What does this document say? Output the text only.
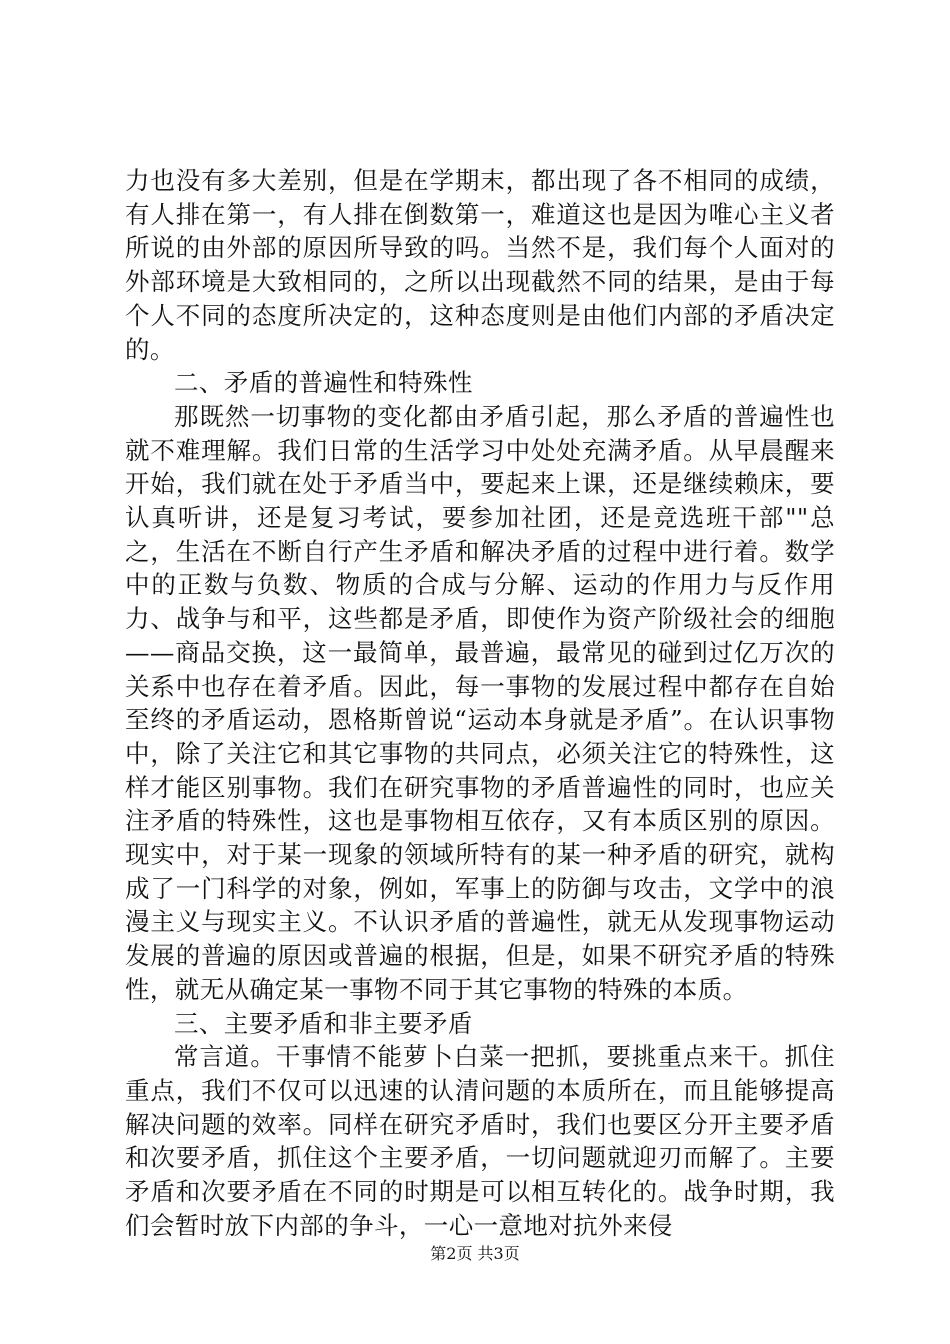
力也没有多大差别，但是在学期末，都出现了各不相同的成绩，有人排在第一，有人排在倒数第一，难道这也是因为唯心主义者所说的由外部的原因所导致的吗。当然不是，我们每个人面对的外部环境是大致相同的，之所以出现截然不同的结果，是由于每个人不同的态度所决定的，这种态度则是由他们内部的矛盾决定的。

二、矛盾的普遍性和特殊性

那既然一切事物的变化都由矛盾引起，那么矛盾的普遍性也就不难理解。我们日常的生活学习中处处充满矛盾。从早晨醒来开始，我们就在处于矛盾当中，要起来上课，还是继续赖床，要认真听讲，还是复习考试，要参加社团，还是竞选班干部""总之，生活在不断自行产生矛盾和解决矛盾的过程中进行着。数学中的正数与负数、物质的合成与分解、运动的作用力与反作用力、战争与和平，这些都是矛盾，即使作为资产阶级社会的细胞——商品交换，这一最简单，最普遍，最常见的碰到过亿万次的关系中也存在着矛盾。因此，每一事物的发展过程中都存在自始至终的矛盾运动，恩格斯曾说“运动本身就是矛盾”。在认识事物中，除了关注它和其它事物的共同点，必须关注它的特殊性，这样才能区别事物。我们在研究事物的矛盾普遍性的同时，也应关注矛盾的特殊性，这也是事物相互依存，又有本质区别的原因。现实中，对于某一现象的领域所特有的某一种矛盾的研究，就构成了一门科学的对象，例如，军事上的防御与攻击，文学中的浪漫主义与现实主义。不认识矛盾的普遍性，就无从发现事物运动发展的普遍的原因或普遍的根据，但是，如果不研究矛盾的特殊性，就无从确定某一事物不同于其它事物的特殊的本质。

三、主要矛盾和非主要矛盾

常言道。干事情不能萝卜白菜一把抓，要挑重点来干。抓住重点，我们不仅可以迅速的认清问题的本质所在，而且能够提高解决问题的效率。同样在研究矛盾时，我们也要区分开主要矛盾和次要矛盾，抓住这个主要矛盾，一切问题就迎刃而解了。主要矛盾和次要矛盾在不同的时期是可以相互转化的。战争时期，我们会暂时放下内部的争斗，一心一意地对抗外来侵

第2页 共3页
